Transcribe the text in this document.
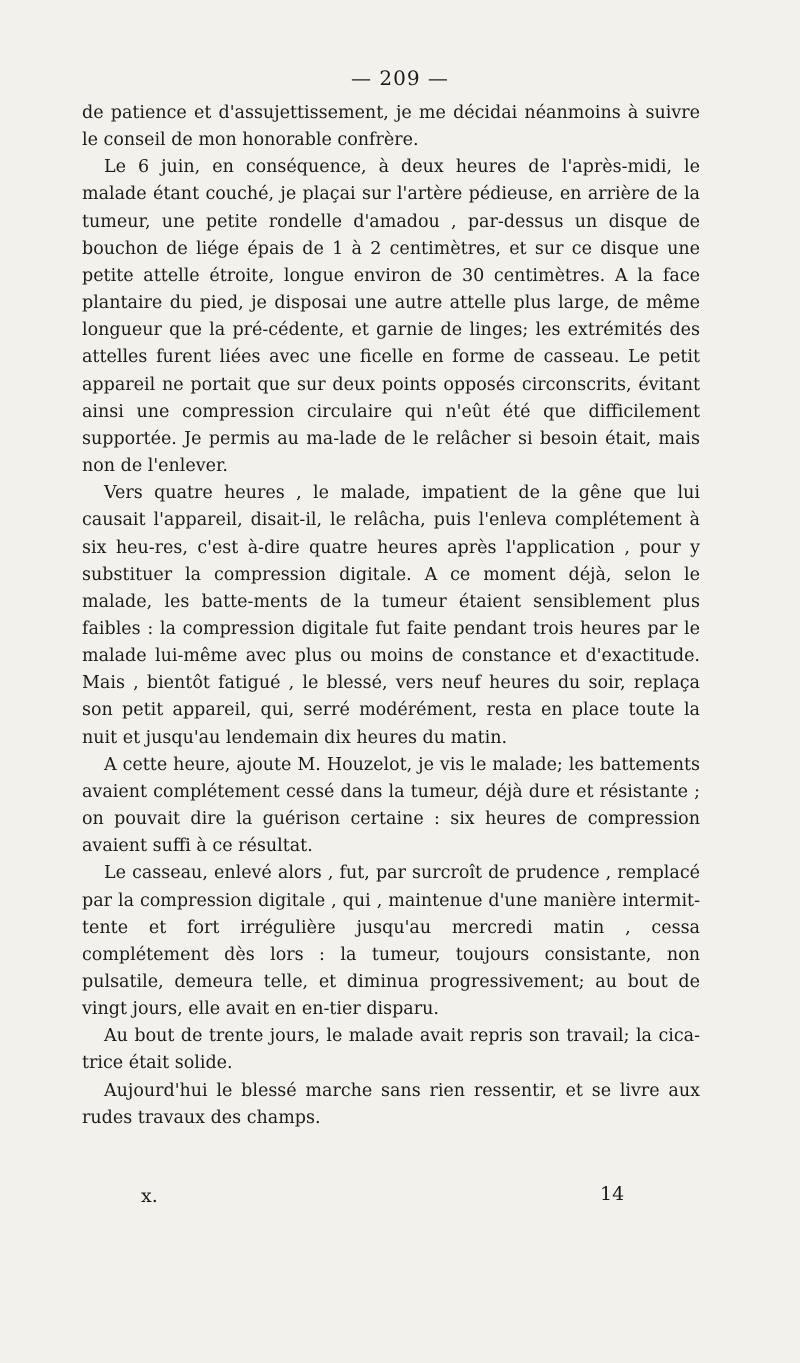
— 209 —

de patience et d'assujettissement, je me décidai néanmoins à suivre le conseil de mon honorable confrère.

Le 6 juin, en conséquence, à deux heures de l'après-midi, le malade étant couché, je plaçai sur l'artère pédieuse, en arrière de la tumeur, une petite rondelle d'amadou , par-dessus un disque de bouchon de liége épais de 1 à 2 centimètres, et sur ce disque une petite attelle étroite, longue environ de 30 centimètres. A la face plantaire du pied, je disposai une autre attelle plus large, de même longueur que la pré-cédente, et garnie de linges; les extrémités des attelles furent liées avec une ficelle en forme de casseau. Le petit appareil ne portait que sur deux points opposés circonscrits, évitant ainsi une compression circulaire qui n'eût été que difficilement supportée. Je permis au ma-lade de le relâcher si besoin était, mais non de l'enlever.

Vers quatre heures , le malade, impatient de la gêne que lui causait l'appareil, disait-il, le relâcha, puis l'enleva complétement à six heu-res, c'est à-dire quatre heures après l'application , pour y substituer la compression digitale. A ce moment déjà, selon le malade, les batte-ments de la tumeur étaient sensiblement plus faibles : la compression digitale fut faite pendant trois heures par le malade lui-même avec plus ou moins de constance et d'exactitude. Mais , bientôt fatigué , le blessé, vers neuf heures du soir, replaça son petit appareil, qui, serré modérément, resta en place toute la nuit et jusqu'au lendemain dix heures du matin.

A cette heure, ajoute M. Houzelot, je vis le malade; les battements avaient complétement cessé dans la tumeur, déjà dure et résistante ; on pouvait dire la guérison certaine : six heures de compression avaient suffi à ce résultat.

Le casseau, enlevé alors , fut, par surcroît de prudence , remplacé par la compression digitale , qui , maintenue d'une manière intermit-tente et fort irrégulière jusqu'au mercredi matin , cessa complétement dès lors : la tumeur, toujours consistante, non pulsatile, demeura telle, et diminua progressivement; au bout de vingt jours, elle avait en en-tier disparu.

Au bout de trente jours, le malade avait repris son travail; la cica-trice était solide.

Aujourd'hui le blessé marche sans rien ressentir, et se livre aux rudes travaux des champs.

x.	14
